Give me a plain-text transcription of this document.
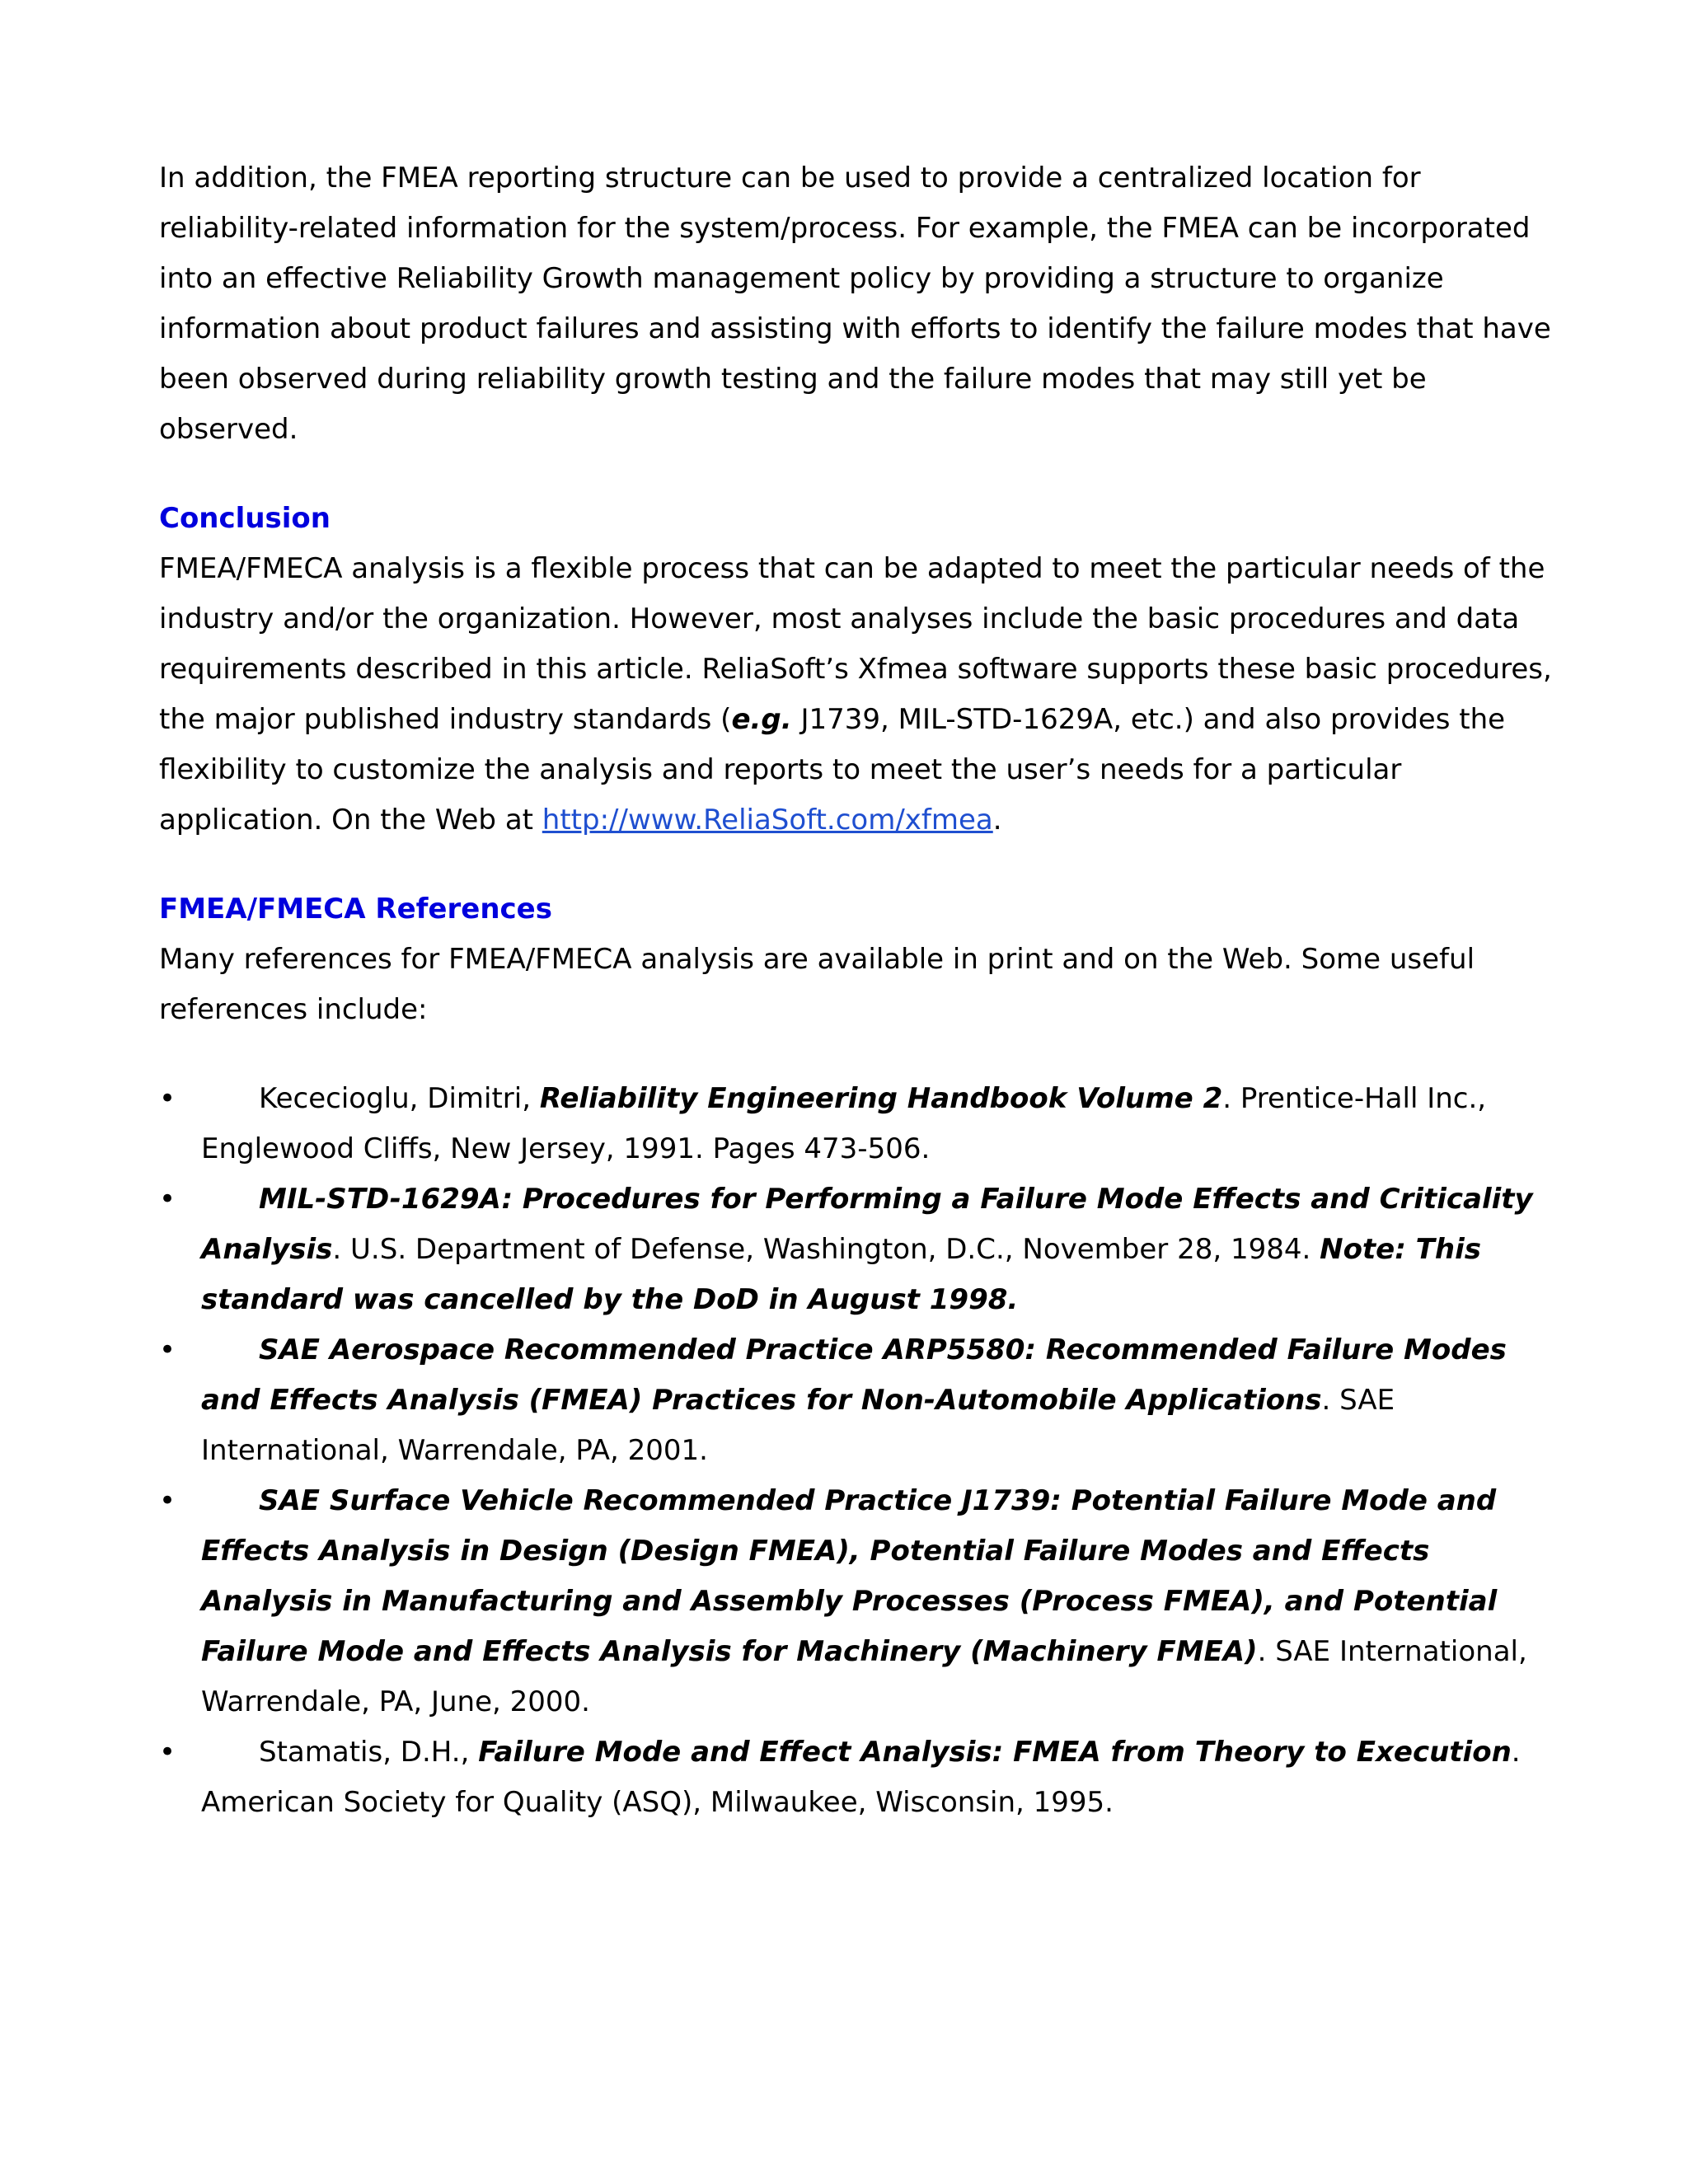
In addition, the FMEA reporting structure can be used to provide a centralized location for reliability-related information for the system/process. For example, the FMEA can be incorporated into an effective Reliability Growth management policy by providing a structure to organize information about product failures and assisting with efforts to identify the failure modes that have been observed during reliability growth testing and the failure modes that may still yet be observed.

Conclusion

FMEA/FMECA analysis is a flexible process that can be adapted to meet the particular needs of the industry and/or the organization. However, most analyses include the basic procedures and data requirements described in this article. ReliaSoft’s Xfmea software supports these basic procedures, the major published industry standards (e.g. J1739, MIL-STD-1629A, etc.) and also provides the flexibility to customize the analysis and reports to meet the user’s needs for a particular application. On the Web at http://www.ReliaSoft.com/xfmea.

FMEA/FMECA References

Many references for FMEA/FMECA analysis are available in print and on the Web. Some useful references include:

•	Kececioglu, Dimitri, Reliability Engineering Handbook Volume 2. Prentice-Hall Inc., Englewood Cliffs, New Jersey, 1991. Pages 473-506.
•	MIL-STD-1629A: Procedures for Performing a Failure Mode Effects and Criticality Analysis. U.S. Department of Defense, Washington, D.C., November 28, 1984. Note: This standard was cancelled by the DoD in August 1998.
•	SAE Aerospace Recommended Practice ARP5580: Recommended Failure Modes and Effects Analysis (FMEA) Practices for Non-Automobile Applications. SAE International, Warrendale, PA, 2001.
•	SAE Surface Vehicle Recommended Practice J1739: Potential Failure Mode and Effects Analysis in Design (Design FMEA), Potential Failure Modes and Effects Analysis in Manufacturing and Assembly Processes (Process FMEA), and Potential Failure Mode and Effects Analysis for Machinery (Machinery FMEA). SAE International, Warrendale, PA, June, 2000.
•	Stamatis, D.H., Failure Mode and Effect Analysis: FMEA from Theory to Execution. American Society for Quality (ASQ), Milwaukee, Wisconsin, 1995.
